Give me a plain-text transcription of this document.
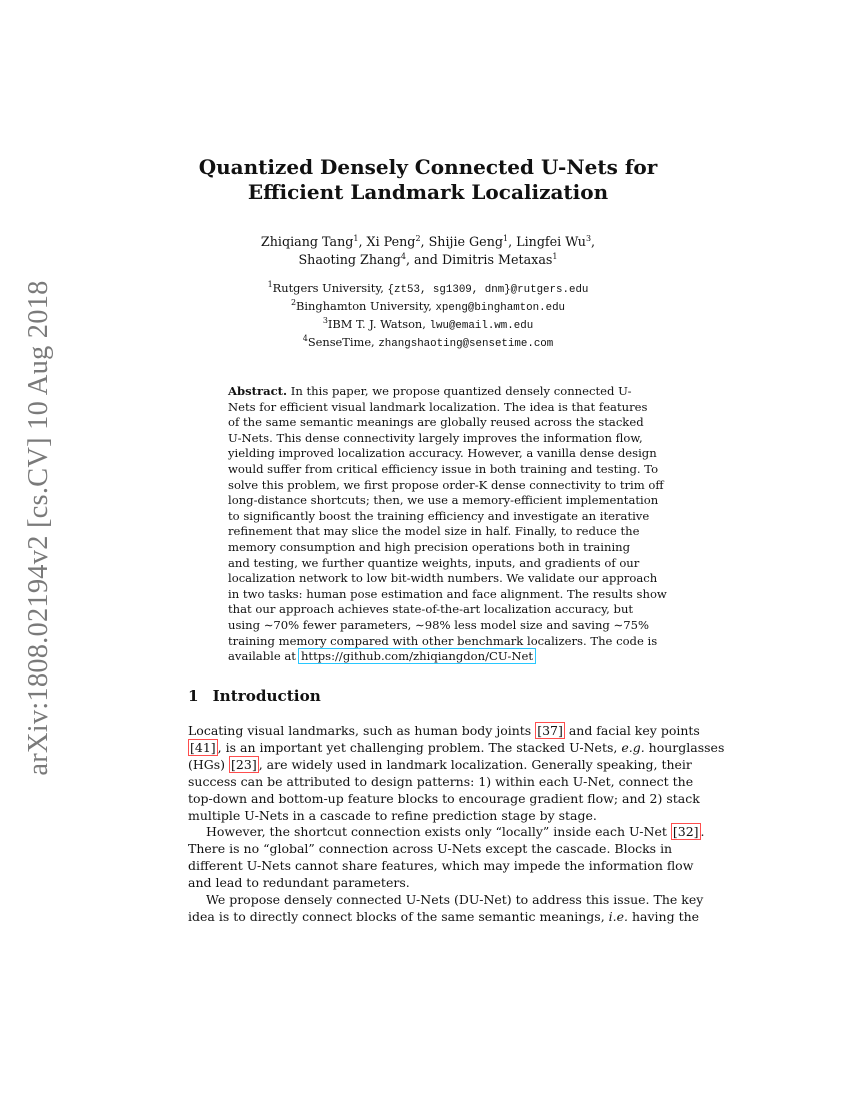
arXiv:1808.02194v2 [cs.CV] 10 Aug 2018
Quantized Densely Connected U-Nets for
Efficient Landmark Localization
Zhiqiang Tang$^1$, Xi Peng$^2$, Shijie Geng$^1$, Lingfei Wu$^3$,
Shaoting Zhang$^4$, and Dimitris Metaxas$^1$
$^1$Rutgers University, {zt53, sg1309, dnm}@rutgers.edu
$^2$Binghamton University, xpeng@binghamton.edu
$^3$IBM T. J. Watson, lwu@email.wm.edu
$^4$SenseTime, zhangshaoting@sensetime.com
Abstract. In this paper, we propose quantized densely connected U-
Nets for efficient visual landmark localization. The idea is that features
of the same semantic meanings are globally reused across the stacked
U-Nets. This dense connectivity largely improves the information flow,
yielding improved localization accuracy. However, a vanilla dense design
would suffer from critical efficiency issue in both training and testing. To
solve this problem, we first propose order-K dense connectivity to trim off
long-distance shortcuts; then, we use a memory-efficient implementation
to significantly boost the training efficiency and investigate an iterative
refinement that may slice the model size in half. Finally, to reduce the
memory consumption and high precision operations both in training
and testing, we further quantize weights, inputs, and gradients of our
localization network to low bit-width numbers. We validate our approach
in two tasks: human pose estimation and face alignment. The results show
that our approach achieves state-of-the-art localization accuracy, but
using ∼70% fewer parameters, ∼98% less model size and saving ∼75%
training memory compared with other benchmark localizers. The code is
available at https://github.com/zhiqiangdon/CU-Net
1 Introduction
Locating visual landmarks, such as human body joints [37] and facial key points
[41] , is an important yet challenging problem. The stacked U-Nets, e.g. hourglasses
(HGs) [23] , are widely used in landmark localization. Generally speaking, their
success can be attributed to design patterns: 1) within each U-Net, connect the
top-down and bottom-up feature blocks to encourage gradient flow; and 2) stack
multiple U-Nets in a cascade to refine prediction stage by stage.
However, the shortcut connection exists only “locally” inside each U-Net [32] .
There is no “global” connection across U-Nets except the cascade. Blocks in
different U-Nets cannot share features, which may impede the information flow
and lead to redundant parameters.
We propose densely connected U-Nets (DU-Net) to address this issue. The key
idea is to directly connect blocks of the same semantic meanings, i.e. having the
